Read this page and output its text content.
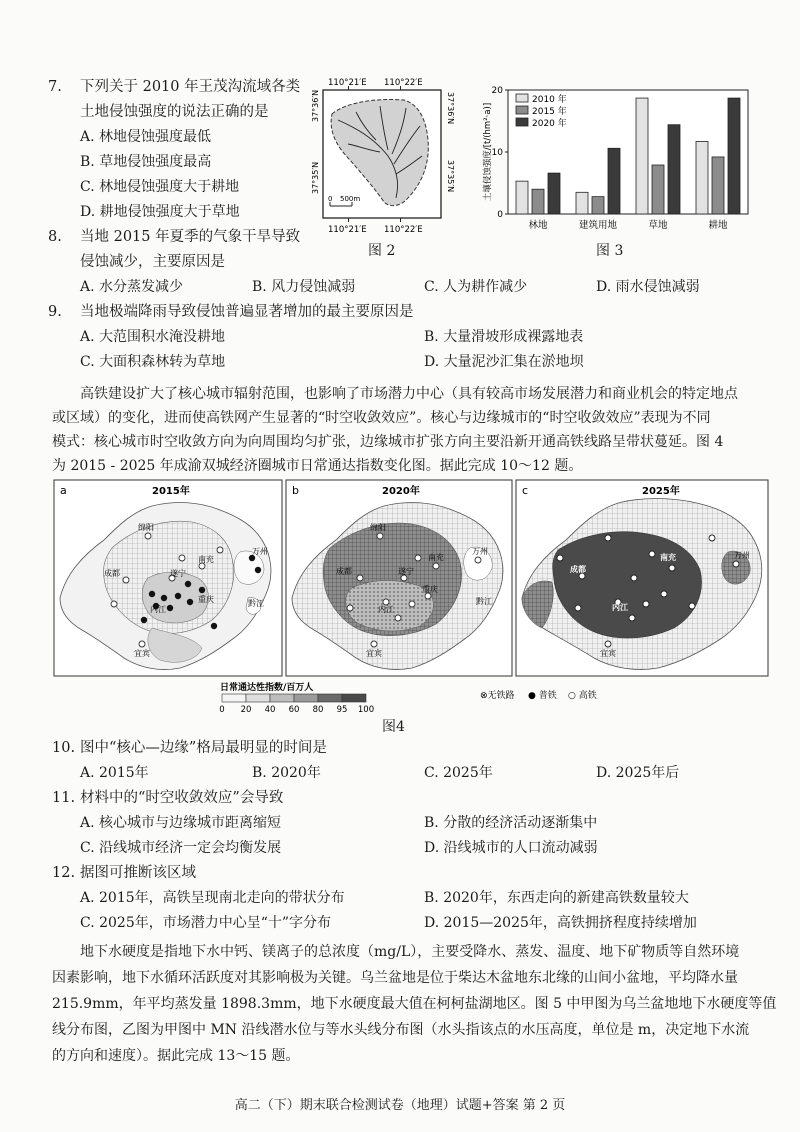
7. 下列关于 2010 年王茂沟流域各类
土地侵蚀强度的说法正确的是
A. 林地侵蚀强度最低
B. 草地侵蚀强度最高
C. 林地侵蚀强度大于耕地
D. 耕地侵蚀强度大于草地
8. 当地 2015 年夏季的气象干旱导致
侵蚀减少，主要原因是
A. 水分蒸发减少	B. 风力侵蚀减弱	C. 人为耕作减少	D. 雨水侵蚀减弱
9. 当地极端降雨导致侵蚀普遍显著增加的最主要原因是
A. 大范围积水淹没耕地	B. 大量滑坡形成裸露地表
C. 大面积森林转为草地	D. 大量泥沙汇集在淤地坝
110°21′E 110°22′E
110°21′E 110°22′E
37°36′N
37°35′N
37°36′N
37°35′N
0 500m
图 2
0
10
20
土壤侵蚀强度/[t/(hm²·a)]
林地	建筑用地	草地	耕地
2010 年
2015 年
2020 年
图 3
高铁建设扩大了核心城市辐射范围，也影响了市场潜力中心（具有较高市场发展潜力和商业机会的特定地点
或区域）的变化，进而使高铁网产生显著的“时空收敛效应”。核心与边缘城市的“时空收敛效应”表现为不同
模式：核心城市时空收敛方向为向周围均匀扩张，边缘城市扩张方向主要沿新开通高铁线路呈带状蔓延。图 4
为 2015 - 2025 年成渝双城经济圈城市日常通达指数变化图。据此完成 10～12 题。
a	2015年
绵阳
南充
成都	遂宁
内江
重庆
宜宾
万州
黔江
b	2020年
绵阳
南充
成都	遂宁
内江
重庆
宜宾
万州
黔江
c	2025年
成都
南充
内江
万州
宜宾
日常通达性指数/百万人
0 20 40 60 80 95 100
⊗无铁路 ● 普铁 ○ 高铁
图4
10. 图中“核心—边缘”格局最明显的时间是
A. 2015年	B. 2020年	C. 2025年	D. 2025年后
11. 材料中的“时空收敛效应”会导致
A. 核心城市与边缘城市距离缩短	B. 分散的经济活动逐渐集中
C. 沿线城市经济一定会均衡发展	D. 沿线城市的人口流动减弱
12. 据图可推断该区域
A. 2015年，高铁呈现南北走向的带状分布	B. 2020年，东西走向的新建高铁数量较大
C. 2025年，市场潜力中心呈“十”字分布	D. 2015—2025年，高铁拥挤程度持续增加
地下水硬度是指地下水中钙、镁离子的总浓度（mg/L），主要受降水、蒸发、温度、地下矿物质等自然环境
因素影响，地下水循环活跃度对其影响极为关键。乌兰盆地是位于柴达木盆地东北缘的山间小盆地，平均降水量
215.9mm，年平均蒸发量 1898.3mm，地下水硬度最大值在柯柯盐湖地区。图 5 中甲图为乌兰盆地地下水硬度等值
线分布图，乙图为甲图中 MN 沿线潜水位与等水头线分布图（水头指该点的水压高度，单位是 m，决定地下水流
的方向和速度）。据此完成 13～15 题。
高二（下）期末联合检测试卷（地理）试题+答案 第 2 页
